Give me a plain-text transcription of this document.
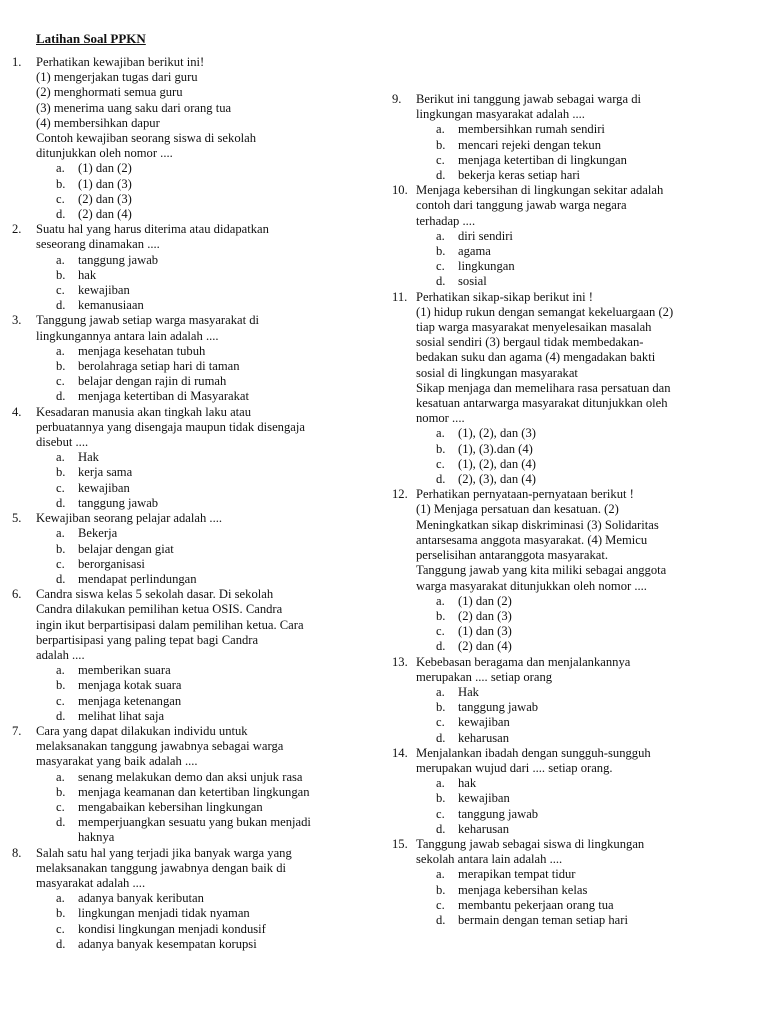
Latihan Soal PPKN
1. Perhatikan kewajiban berikut ini!
(1) mengerjakan tugas dari guru
(2) menghormati semua guru
(3) menerima uang saku dari orang tua
(4) membersihkan dapur
Contoh kewajiban seorang siswa di sekolah
ditunjukkan oleh nomor ....
a. (1) dan (2)
b. (1) dan (3)
c. (2) dan (3)
d. (2) dan (4)
2. Suatu hal yang harus diterima atau didapatkan
seseorang dinamakan ....
a. tanggung jawab
b. hak
c. kewajiban
d. kemanusiaan
3. Tanggung jawab setiap warga masyarakat di
lingkungannya antara lain adalah ....
a. menjaga kesehatan tubuh
b. berolahraga setiap hari di taman
c. belajar dengan rajin di rumah
d. menjaga ketertiban di Masyarakat
4. Kesadaran manusia akan tingkah laku atau
perbuatannya yang disengaja maupun tidak disengaja
disebut ....
a. Hak
b. kerja sama
c. kewajiban
d. tanggung jawab
5. Kewajiban seorang pelajar adalah ....
a. Bekerja
b. belajar dengan giat
c. berorganisasi
d. mendapat perlindungan
6. Candra siswa kelas 5 sekolah dasar. Di sekolah
Candra dilakukan pemilihan ketua OSIS. Candra
ingin ikut berpartisipasi dalam pemilihan ketua. Cara
berpartisipasi yang paling tepat bagi Candra
adalah ....
a. memberikan suara
b. menjaga kotak suara
c. menjaga ketenangan
d. melihat lihat saja
7. Cara yang dapat dilakukan individu untuk
melaksanakan tanggung jawabnya sebagai warga
masyarakat yang baik adalah ....
a. senang melakukan demo dan aksi unjuk rasa
b. menjaga keamanan dan ketertiban lingkungan
c. mengabaikan kebersihan lingkungan
d. memperjuangkan sesuatu yang bukan menjadi
haknya
8. Salah satu hal yang terjadi jika banyak warga yang
melaksanakan tanggung jawabnya dengan baik di
masyarakat adalah ....
a. adanya banyak keributan
b. lingkungan menjadi tidak nyaman
c. kondisi lingkungan menjadi kondusif
d. adanya banyak kesempatan korupsi
9. Berikut ini tanggung jawab sebagai warga di
lingkungan masyarakat adalah ....
a. membersihkan rumah sendiri
b. mencari rejeki dengan tekun
c. menjaga ketertiban di lingkungan
d. bekerja keras setiap hari
10. Menjaga kebersihan di lingkungan sekitar adalah
contoh dari tanggung jawab warga negara
terhadap ....
a. diri sendiri
b. agama
c. lingkungan
d. sosial
11. Perhatikan sikap-sikap berikut ini !
(1) hidup rukun dengan semangat kekeluargaan (2)
tiap warga masyarakat menyelesaikan masalah
sosial sendiri (3) bergaul tidak membedakan-
bedakan suku dan agama (4) mengadakan bakti
sosial di lingkungan masyarakat
Sikap menjaga dan memelihara rasa persatuan dan
kesatuan antarwarga masyarakat ditunjukkan oleh
nomor ....
a. (1), (2), dan (3)
b. (1), (3).dan (4)
c. (1), (2), dan (4)
d. (2), (3), dan (4)
12. Perhatikan pernyataan-pernyataan berikut !
(1) Menjaga persatuan dan kesatuan. (2)
Meningkatkan sikap diskriminasi (3) Solidaritas
antarsesama anggota masyarakat. (4) Memicu
perselisihan antaranggota masyarakat.
Tanggung jawab yang kita miliki sebagai anggota
warga masyarakat ditunjukkan oleh nomor ....
a. (1) dan (2)
b. (2) dan (3)
c. (1) dan (3)
d. (2) dan (4)
13. Kebebasan beragama dan menjalankannya
merupakan .... setiap orang
a. Hak
b. tanggung jawab
c. kewajiban
d. keharusan
14. Menjalankan ibadah dengan sungguh-sungguh
merupakan wujud dari .... setiap orang.
a. hak
b. kewajiban
c. tanggung jawab
d. keharusan
15. Tanggung jawab sebagai siswa di lingkungan
sekolah antara lain adalah ....
a. merapikan tempat tidur
b. menjaga kebersihan kelas
c. membantu pekerjaan orang tua
d. bermain dengan teman setiap hari
